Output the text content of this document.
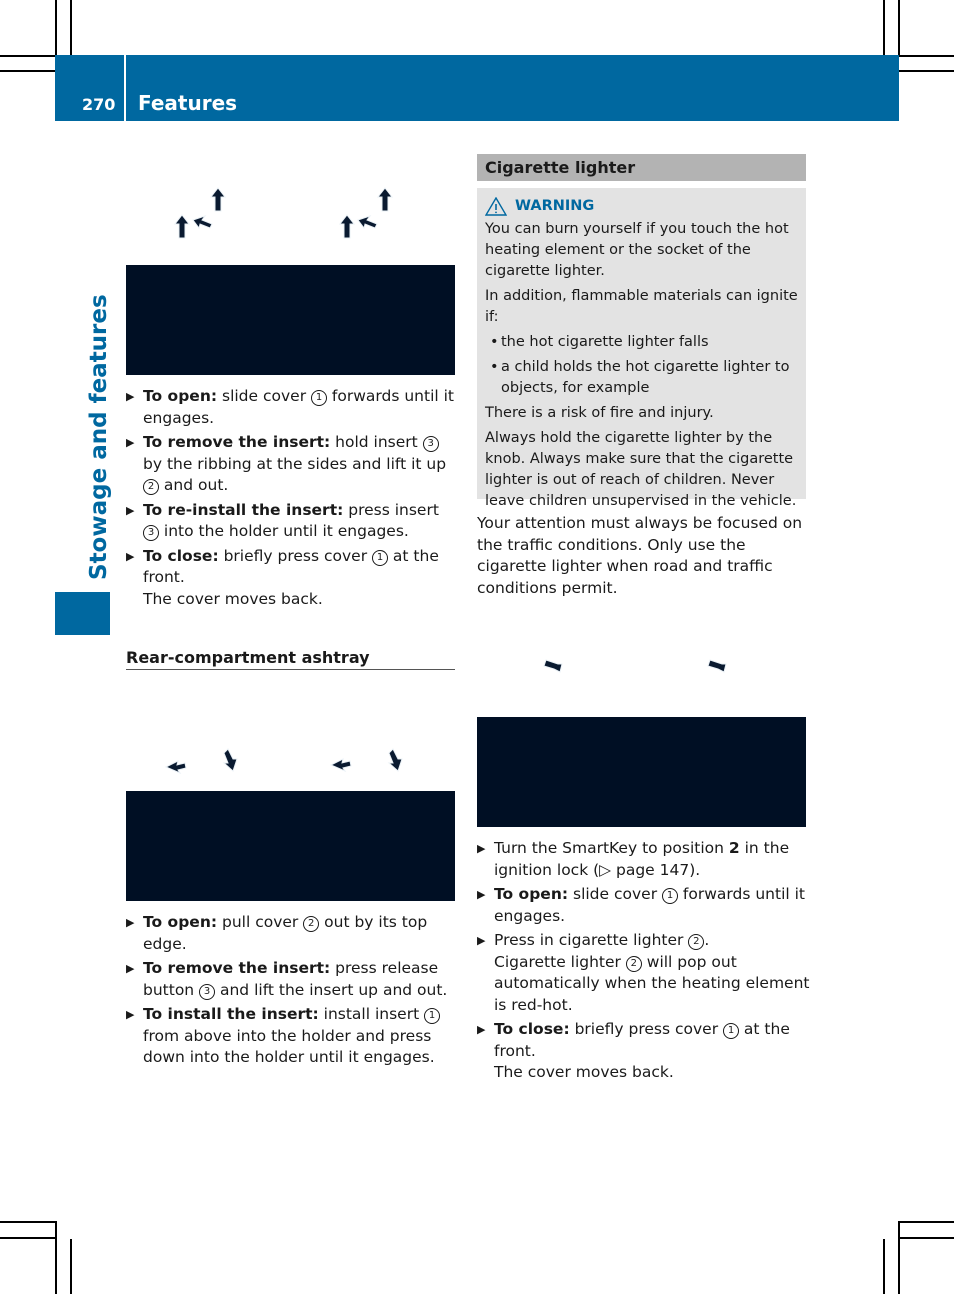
270 Features
Stowage and features ▶ To open: slide cover 1 forwards until it engages.
▶ To remove the insert: hold insert 3 by the ribbing at the sides and lift it up 2 and out.
▶ To re-install the insert: press insert 3 into the holder until it engages.
▶ To close: briefly press cover 1 at the front.
The cover moves back.
Rear-compartment ashtray
▶ To open: pull cover 2 out by its top edge.
▶ To remove the insert: press release button 3 and lift the insert up and out.
▶ To install the insert: install insert 1 from above into the holder and press down into the holder until it engages.
Cigarette lighter
WARNING

You can burn yourself if you touch the hot heating element or the socket of the cigarette lighter.

In addition, flammable materials can ignite if:

• the hot cigarette lighter falls
• a child holds the hot cigarette lighter to objects, for example

There is a risk of fire and injury.

Always hold the cigarette lighter by the knob. Always make sure that the cigarette lighter is out of reach of children. Never leave children unsupervised in the vehicle.

Your attention must always be focused on the traffic conditions. Only use the cigarette lighter when road and traffic conditions permit.

▶ Turn the SmartKey to position 2 in the ignition lock (▷ page 147).
▶ To open: slide cover 1 forwards until it engages.
▶ Press in cigarette lighter 2 .
Cigarette lighter 2 will pop out automatically when the heating element is red-hot.
▶ To close: briefly press cover 1 at the front.
The cover moves back.
